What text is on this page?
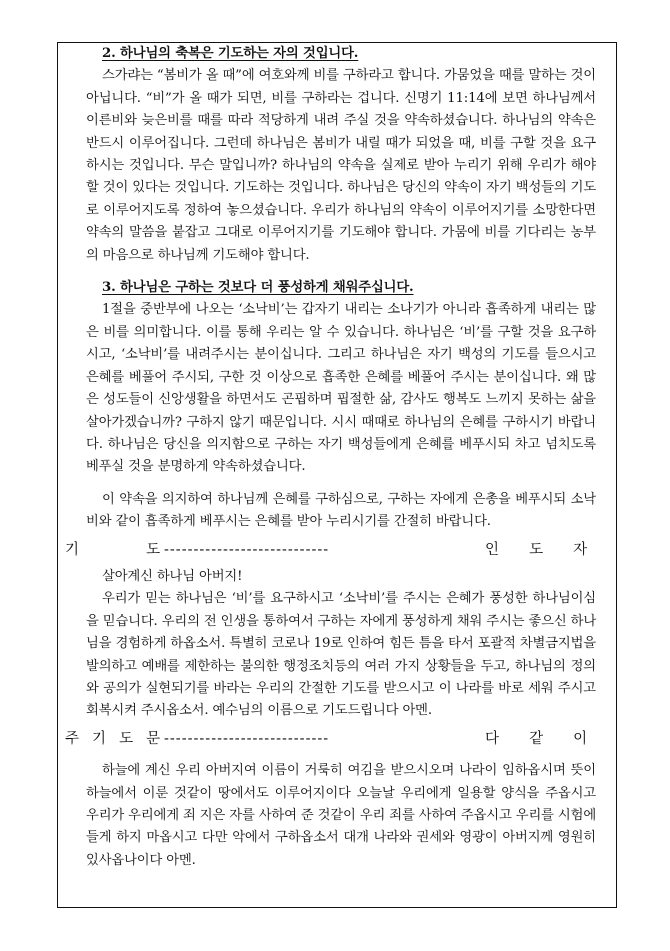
2. 하나님의 축복은 기도하는 자의 것입니다.

스가랴는 “봄비가 올 때”에 여호와께 비를 구하라고 합니다. 가뭄었을 때를 말하는 것이 아닙니다. “비”가 올 때가 되면, 비를 구하라는 겁니다. 신명기 11:14에 보면 하나님께서 이른비와 늦은비를 때를 따라 적당하게 내려 주실 것을 약속하셨습니다. 하나님의 약속은 반드시 이루어집니다. 그런데 하나님은 봄비가 내릴 때가 되었을 때, 비를 구할 것을 요구하시는 것입니다. 무슨 말입니까? 하나님의 약속을 실제로 받아 누리기 위해 우리가 해야 할 것이 있다는 것입니다. 기도하는 것입니다. 하나님은 당신의 약속이 자기 백성들의 기도로 이루어지도록 정하여 놓으셨습니다. 우리가 하나님의 약속이 이루어지기를 소망한다면 약속의 말씀을 붙잡고 그대로 이루어지기를 기도해야 합니다. 가뭄에 비를 기다리는 농부의 마음으로 하나님께 기도해야 합니다.

3. 하나님은 구하는 것보다 더 풍성하게 채워주십니다.

1절을 중반부에 나오는 ‘소낙비’는 갑자기 내리는 소나기가 아니라 흡족하게 내리는 많은 비를 의미합니다. 이를 통해 우리는 알 수 있습니다. 하나님은 ‘비’를 구할 것을 요구하시고, ‘소낙비’를 내려주시는 분이십니다. 그리고 하나님은 자기 백성의 기도를 들으시고 은혜를 베풀어 주시되, 구한 것 이상으로 흡족한 은혜를 베풀어 주시는 분이십니다. 왜 많은 성도들이 신앙생활을 하면서도 곤핍하며 핍절한 삶, 감사도 행복도 느끼지 못하는 삶을 살아가겠습니까? 구하지 않기 때문입니다. 시시 때때로 하나님의 은혜를 구하시기 바랍니다. 하나님은 당신을 의지함으로 구하는 자기 백성들에게 은혜를 베푸시되 차고 넘치도록 베푸실 것을 분명하게 약속하셨습니다.

이 약속을 의지하여 하나님께 은혜를 구하심으로, 구하는 자에게 은총을 베푸시되 소낙비와 같이 흡족하게 베푸시는 은혜를 받아 누리시기를 간절히 바랍니다.

기	도 ----------------------------	인 도 자

살아계신 하나님 아버지!

우리가 믿는 하나님은 ‘비’를 요구하시고 ‘소낙비’를 주시는 은혜가 풍성한 하나님이심을 믿습니다. 우리의 전 인생을 통하여서 구하는 자에게 풍성하게 채워 주시는 좋으신 하나님을 경험하게 하옵소서. 특별히 코로나 19로 인하여 힘든 틈을 타서 포괄적 차별금지법을 발의하고 예배를 제한하는 불의한 행정조치등의 여러 가지 상황들을 두고, 하나님의 정의와 공의가 실현되기를 바라는 우리의 간절한 기도를 받으시고 이 나라를 바로 세워 주시고 회복시켜 주시옵소서. 예수님의 이름으로 기도드립니다 아멘.

주 기 도 문 ----------------------------	다 같 이

하늘에 계신 우리 아버지여 이름이 거룩히 여김을 받으시오며 나라이 임하옵시며 뜻이 하늘에서 이룬 것같이 땅에서도 이루어지이다 오늘날 우리에게 일용할 양식을 주옵시고 우리가 우리에게 죄 지은 자를 사하여 준 것같이 우리 죄를 사하여 주옵시고 우리를 시험에 들게 하지 마옵시고 다만 악에서 구하옵소서 대개 나라와 권세와 영광이 아버지께 영원히 있사옵나이다 아멘.
